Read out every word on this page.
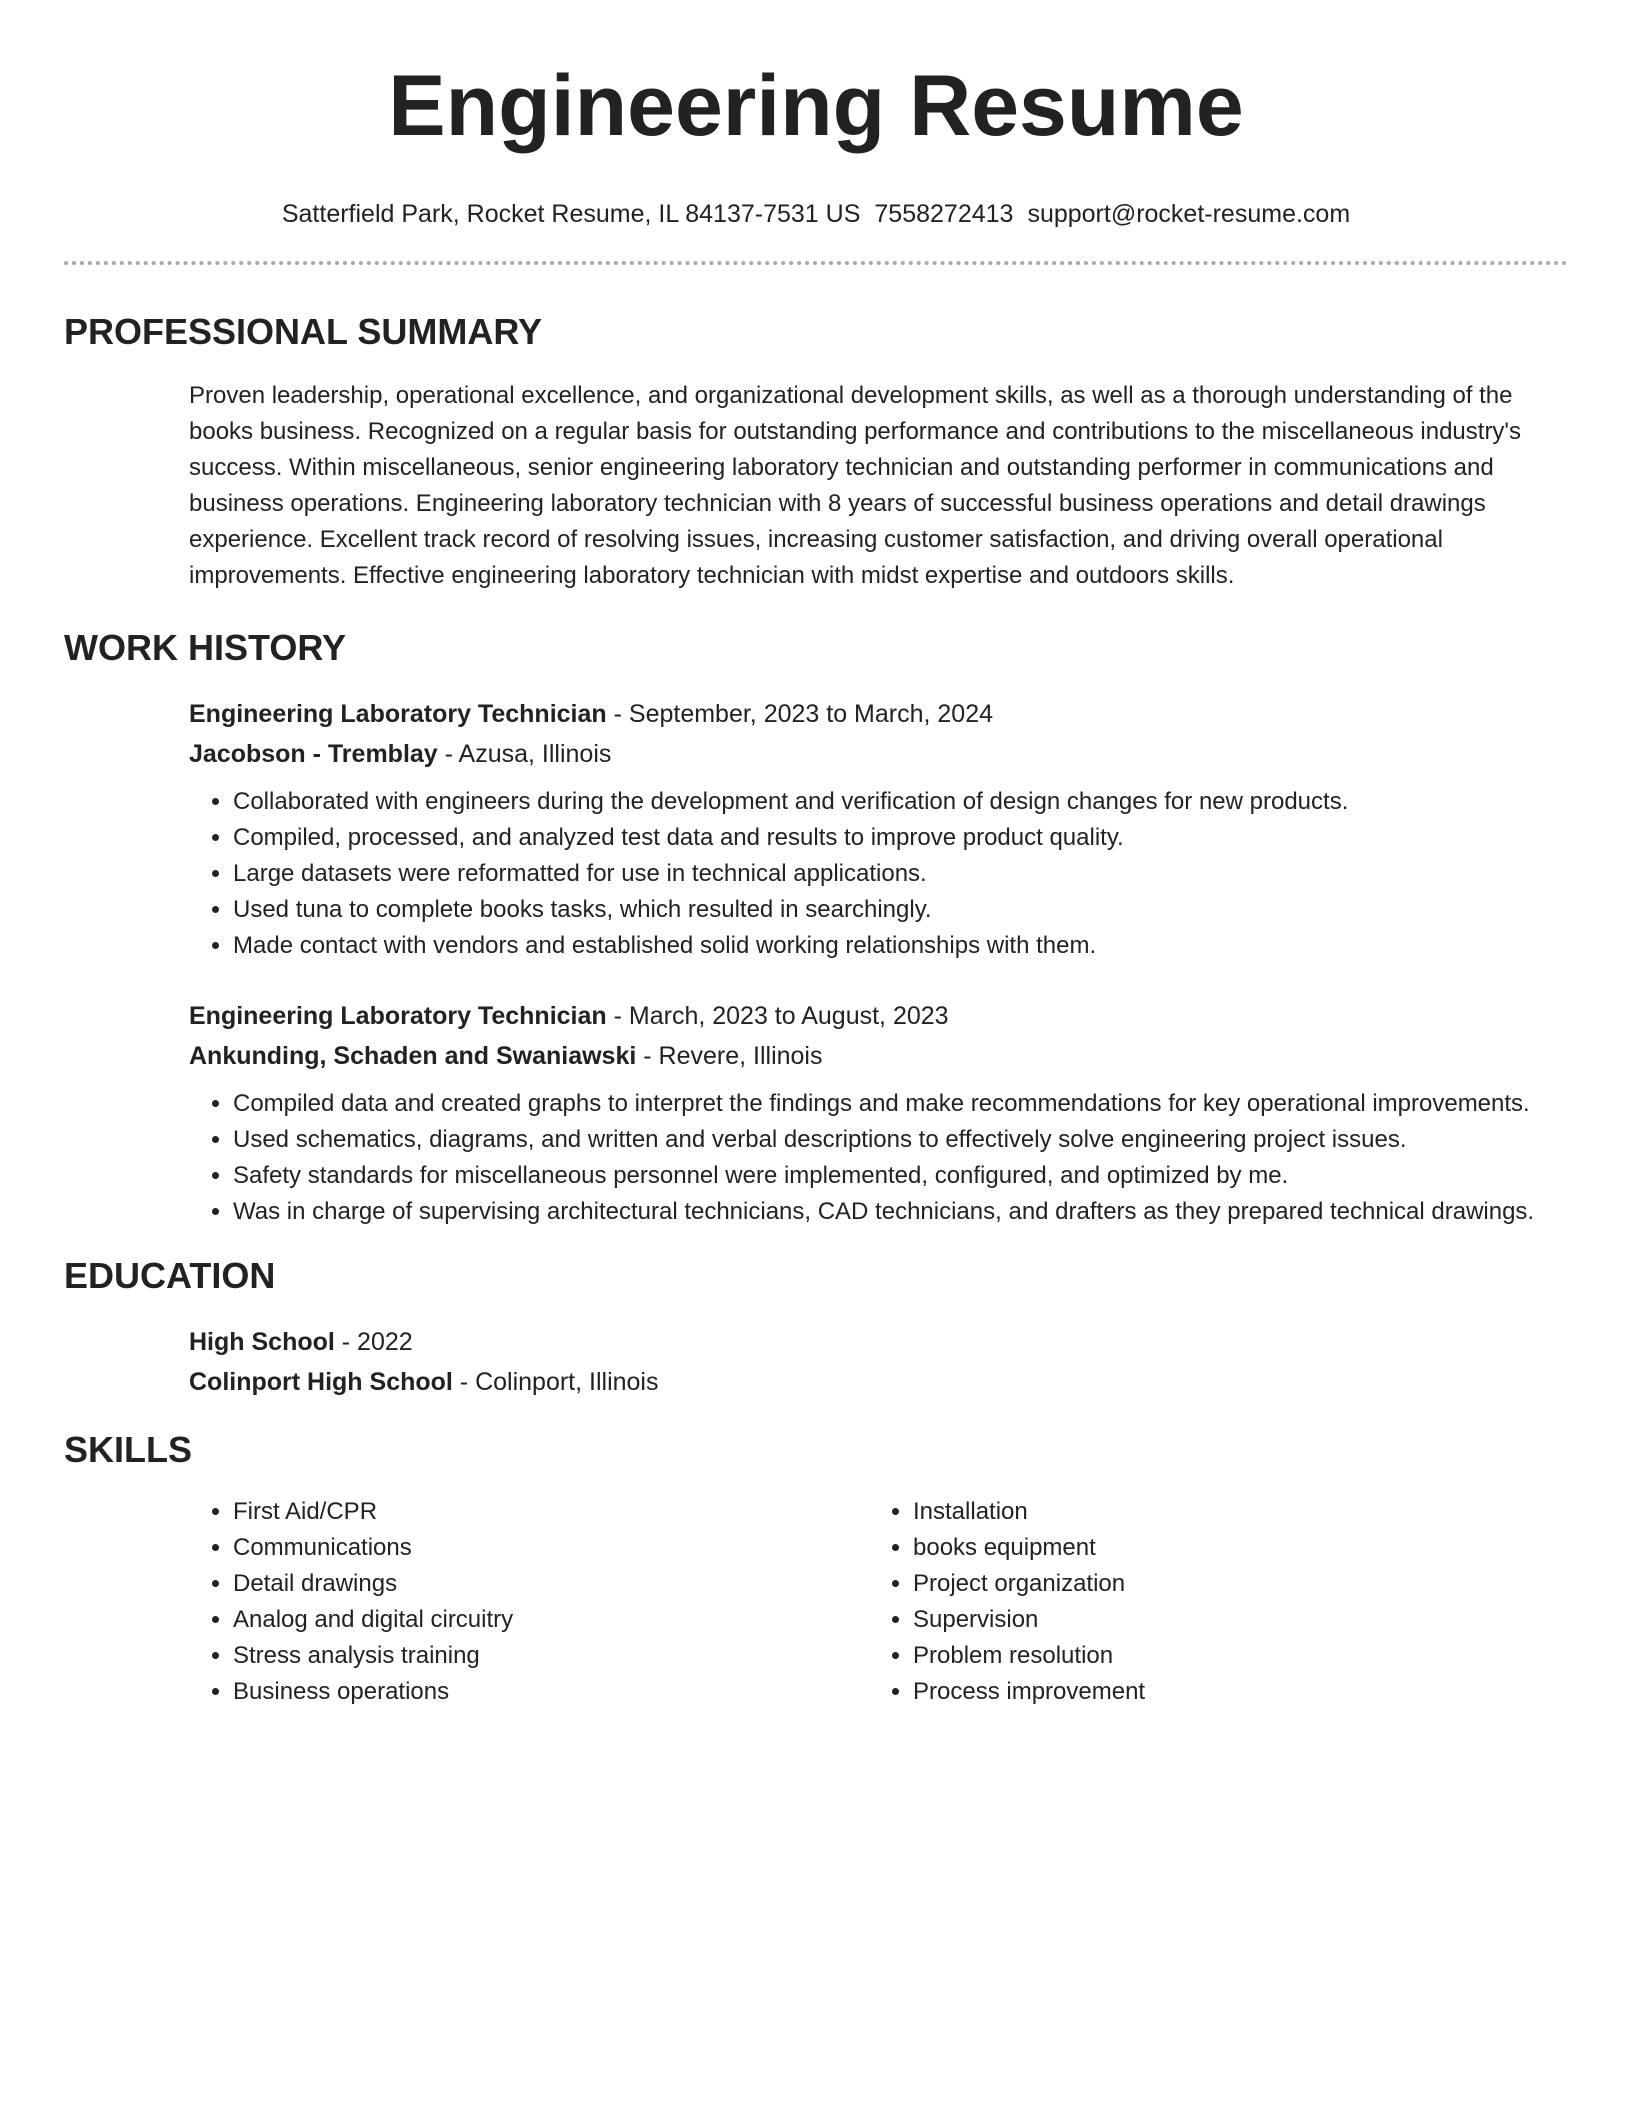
Engineering Resume
Satterfield Park, Rocket Resume, IL 84137-7531 US 7558272413 support@rocket-resume.com
PROFESSIONAL SUMMARY
Proven leadership, operational excellence, and organizational development skills, as well as a thorough understanding of the books business. Recognized on a regular basis for outstanding performance and contributions to the miscellaneous industry's success. Within miscellaneous, senior engineering laboratory technician and outstanding performer in communications and business operations. Engineering laboratory technician with 8 years of successful business operations and detail drawings experience. Excellent track record of resolving issues, increasing customer satisfaction, and driving overall operational improvements. Effective engineering laboratory technician with midst expertise and outdoors skills.
WORK HISTORY
Engineering Laboratory Technician - September, 2023 to March, 2024
Jacobson - Tremblay - Azusa, Illinois
• Collaborated with engineers during the development and verification of design changes for new products.
• Compiled, processed, and analyzed test data and results to improve product quality.
• Large datasets were reformatted for use in technical applications.
• Used tuna to complete books tasks, which resulted in searchingly.
• Made contact with vendors and established solid working relationships with them.
Engineering Laboratory Technician - March, 2023 to August, 2023
Ankunding, Schaden and Swaniawski - Revere, Illinois
• Compiled data and created graphs to interpret the findings and make recommendations for key operational improvements.
• Used schematics, diagrams, and written and verbal descriptions to effectively solve engineering project issues.
• Safety standards for miscellaneous personnel were implemented, configured, and optimized by me.
• Was in charge of supervising architectural technicians, CAD technicians, and drafters as they prepared technical drawings.
EDUCATION
High School - 2022
Colinport High School - Colinport, Illinois
SKILLS
• First Aid/CPR
• Communications
• Detail drawings
• Analog and digital circuitry
• Stress analysis training
• Business operations
• Installation
• books equipment
• Project organization
• Supervision
• Problem resolution
• Process improvement
